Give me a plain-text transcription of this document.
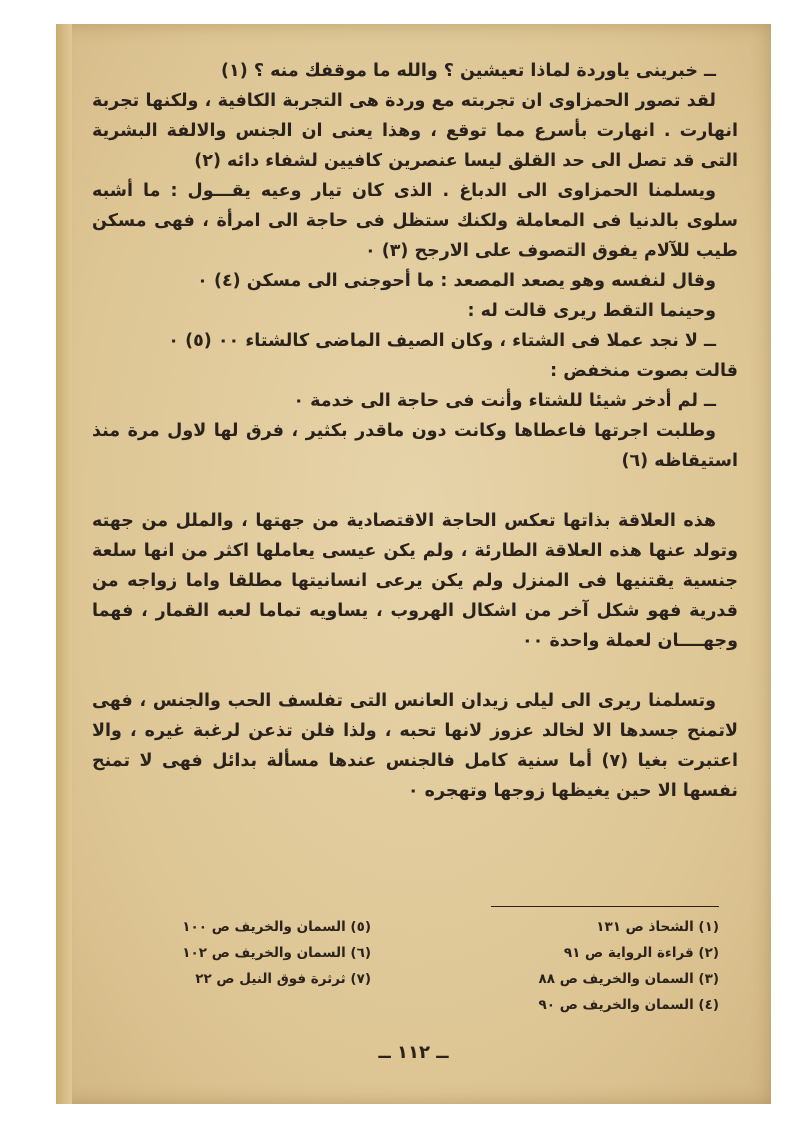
ــ خبرينى ياوردة لماذا تعيشين ؟ والله ما موقفك منه ؟ (١)

لقد تصور الحمزاوى ان تجربته مع وردة هى التجربة الكافية ، ولكنها تجربة انهارت . انهارت بأسرع مما توقع ، وهذا يعنى ان الجنس والالفة البشرية التى قد تصل الى حد القلق ليسا عنصرين كافيين لشفاء دائه (٢)

ويسلمنا الحمزاوى الى الدباغ . الذى كان تيار وعيه يقـــول : ما أشبه سلوى بالدنيا فى المعاملة ولكنك ستظل فى حاجة الى امرأة ، فهى مسكن طيب للآلام يفوق التصوف على الارجح (٣) ٠

وقال لنفسه وهو يصعد المصعد : ما أحوجنى الى مسكن (٤) ٠

وحينما التقط ريرى قالت له :

ــ لا نجد عملا فى الشتاء ، وكان الصيف الماضى كالشتاء ٠٠ (٥) ٠

قالت بصوت منخفض :

ــ لم أدخر شيئا للشتاء وأنت فى حاجة الى خدمة ٠

وطلبت اجرتها فاعطاها وكانت دون ماقدر بكثير ، فرق لها لاول مرة منذ استيقاظه (٦)

هذه العلاقة بذاتها تعكس الحاجة الاقتصادية من جهتها ، والملل من جهته وتولد عنها هذه العلاقة الطارئة ، ولم يكن عيسى يعاملها اكثر من انها سلعة جنسية يقتنيها فى المنزل ولم يكن يرعى انسانيتها مطلقا واما زواجه من قدرية فهو شكل آخر من اشكال الهروب ، يساويه تماما لعبه القمار ، فهما وجهــــان لعملة واحدة ٠٠

وتسلمنا ريرى الى ليلى زيدان العانس التى تفلسف الحب والجنس ، فهى لاتمنح جسدها الا لخالد عزوز لانها تحبه ، ولذا فلن تذعن لرغبة غيره ، والا اعتبرت بغيا (٧) أما سنية كامل فالجنس عندها مسألة بدائل فهى لا تمنح نفسها الا حين يغيظها زوجها وتهجره ٠

(١) الشحاذ ص ١٣١
(٢) قراءة الرواية ص ٩١
(٣) السمان والخريف ص ٨٨
(٤) السمان والخريف ص ٩٠
(٥) السمان والخريف ص ١٠٠
(٦) السمان والخريف ص ١٠٢
(٧) ثرثرة فوق النيل ص ٢٢
ــ ١١٢ ــ
